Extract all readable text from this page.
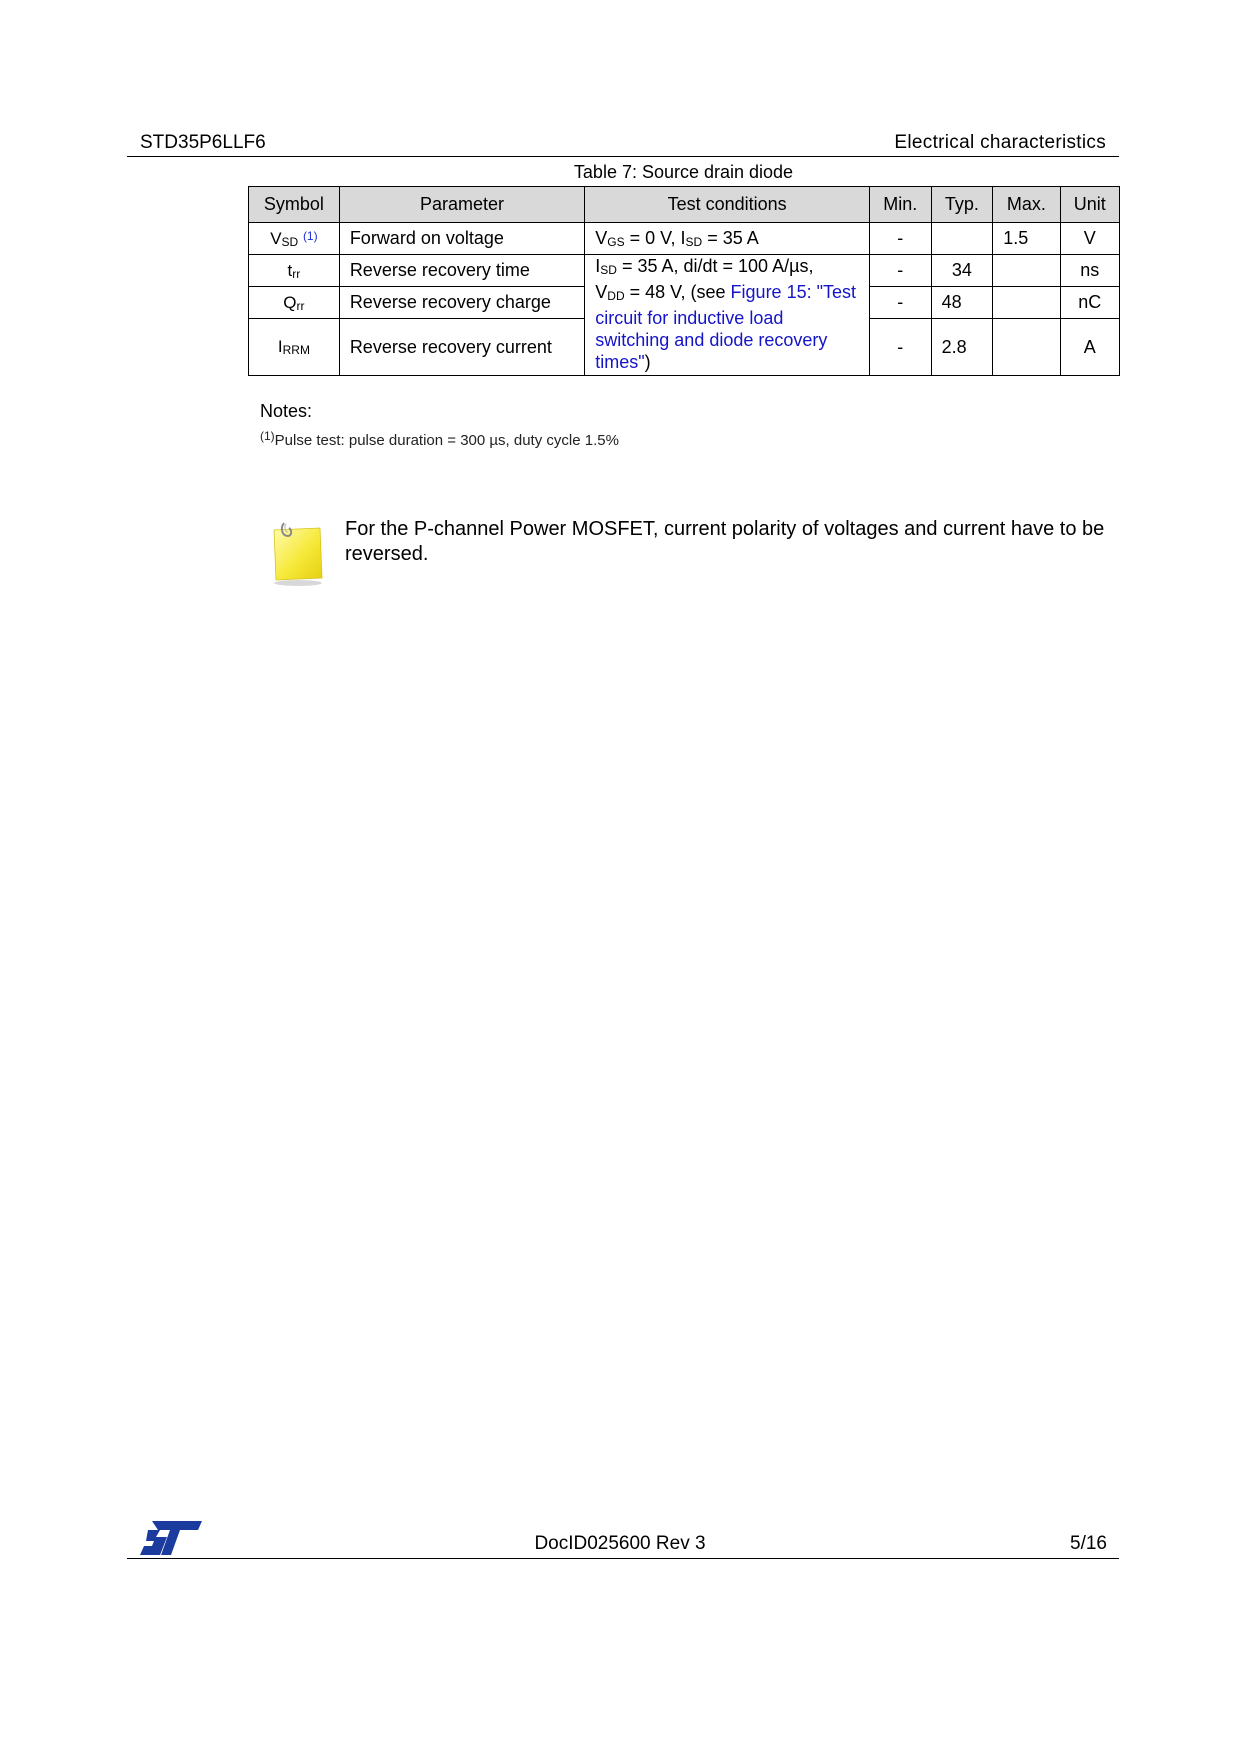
STD35P6LLF6	Electrical characteristics
Table 7: Source drain diode
Symbol	Parameter	Test conditions	Min.	Typ.	Max.	Unit
$V_{SD}$ $^{(1)}$	Forward on voltage	$V_{GS} = 0$ V, $I_{SD} = 35$ A	-		1.5	V
$t_{rr}$	Reverse recovery time	$I_{SD} = 35$ A, di/dt = 100 A/µs,
$V_{DD} = 48$ V, (see Figure 15: "Test circuit for inductive load switching and diode recovery times")	-	34		ns
$Q_{rr}$	Reverse recovery charge		-	48		nC
$I_{RRM}$	Reverse recovery current		-	2.8		A
Notes:
$^{(1)}$Pulse test: pulse duration = 300 µs, duty cycle 1.5%
For the P-channel Power MOSFET, current polarity of voltages and current have to be reversed.
DocID025600 Rev 3	5/16
